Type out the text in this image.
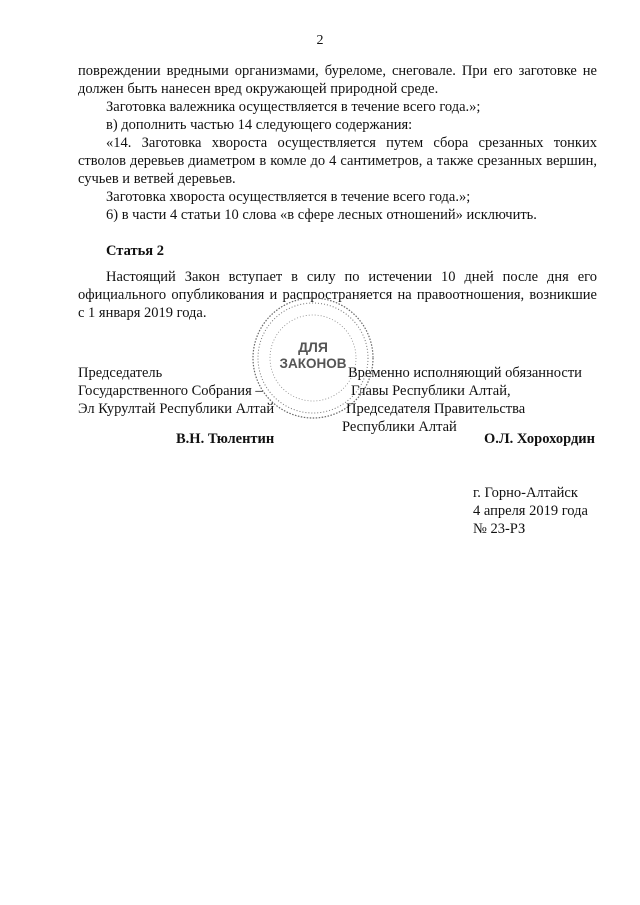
2

повреждении вредными организмами, буреломе, снеговале. При его заготовке не должен быть нанесен вред окружающей природной среде.

Заготовка валежника осуществляется в течение всего года.»;

в) дополнить частью 14 следующего содержания:

«14. Заготовка хвороста осуществляется путем сбора срезанных тонких стволов деревьев диаметром в комле до 4 сантиметров, а также срезанных вершин, сучьев и ветвей деревьев.

Заготовка хвороста осуществляется в течение всего года.»;

6) в части 4 статьи 10 слова «в сфере лесных отношений» исключить.

Статья 2

Настоящий Закон вступает в силу по истечении 10 дней после дня его официального опубликования и распространяется на правоотношения, возникшие с 1 января 2019 года.

ДЛЯ
ЗАКОНОВ
Председатель
Государственного Собрания –
Эл Курултай Республики Алтай
Временно исполняющий обязанности
Главы Республики Алтай,
Председателя Правительства
Республики Алтай
В.Н. Тюлентин	О.Л. Хорохордин
г. Горно-Алтайск
4 апреля 2019 года
№ 23-РЗ
